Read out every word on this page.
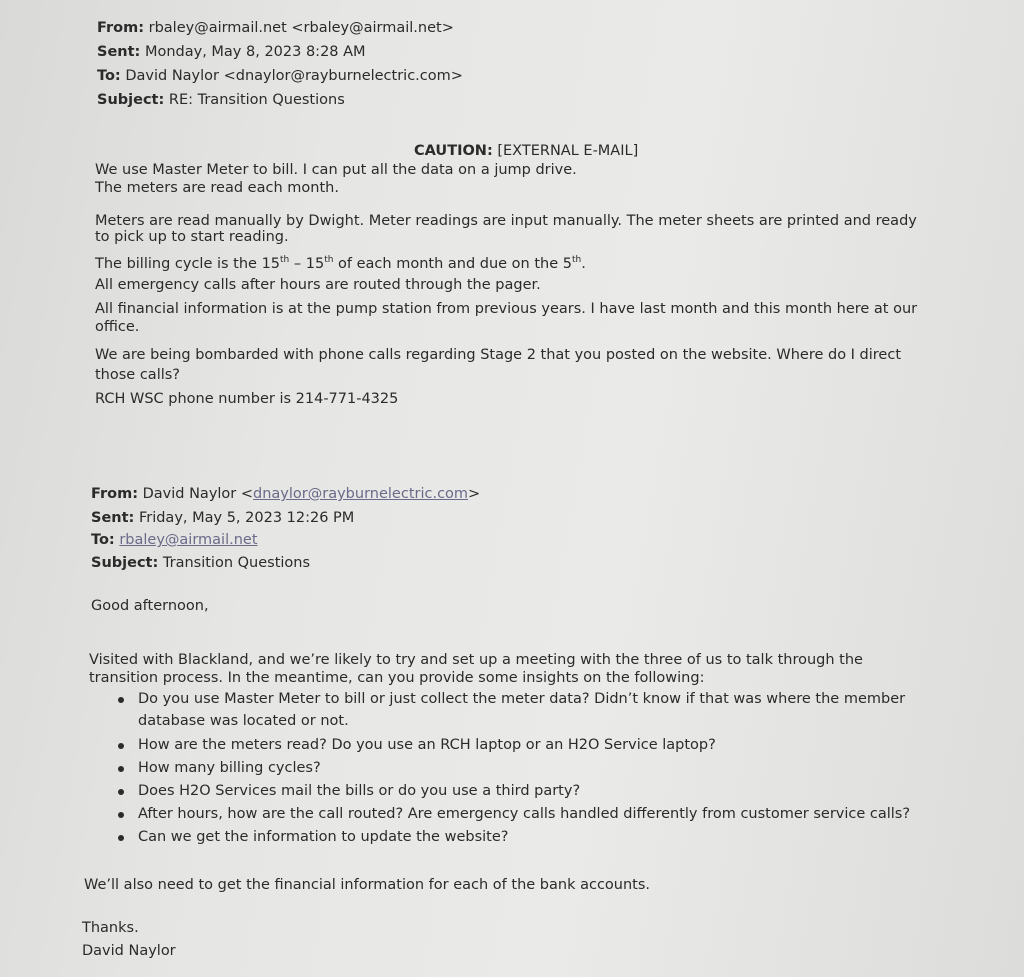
From: rbaley@airmail.net <rbaley@airmail.net>
Sent: Monday, May 8, 2023 8:28 AM
To: David Naylor <dnaylor@rayburnelectric.com>
Subject: RE: Transition Questions
CAUTION: [EXTERNAL E-MAIL]
We use Master Meter to bill. I can put all the data on a jump drive.
The meters are read each month.
Meters are read manually by Dwight. Meter readings are input manually. The meter sheets are printed and ready
to pick up to start reading.
The billing cycle is the 15th – 15th of each month and due on the 5th.
All emergency calls after hours are routed through the pager.
All financial information is at the pump station from previous years. I have last month and this month here at our
office.
We are being bombarded with phone calls regarding Stage 2 that you posted on the website. Where do I direct
those calls?
RCH WSC phone number is 214-771-4325
From: David Naylor <dnaylor@rayburnelectric.com>
Sent: Friday, May 5, 2023 12:26 PM
To: rbaley@airmail.net
Subject: Transition Questions
Good afternoon,
Visited with Blackland, and we’re likely to try and set up a meeting with the three of us to talk through the
transition process. In the meantime, can you provide some insights on the following:
Do you use Master Meter to bill or just collect the meter data? Didn’t know if that was where the member
database was located or not.
How are the meters read? Do you use an RCH laptop or an H2O Service laptop?
How many billing cycles?
Does H2O Services mail the bills or do you use a third party?
After hours, how are the call routed? Are emergency calls handled differently from customer service calls?
Can we get the information to update the website?
We’ll also need to get the financial information for each of the bank accounts.
Thanks.
David Naylor
